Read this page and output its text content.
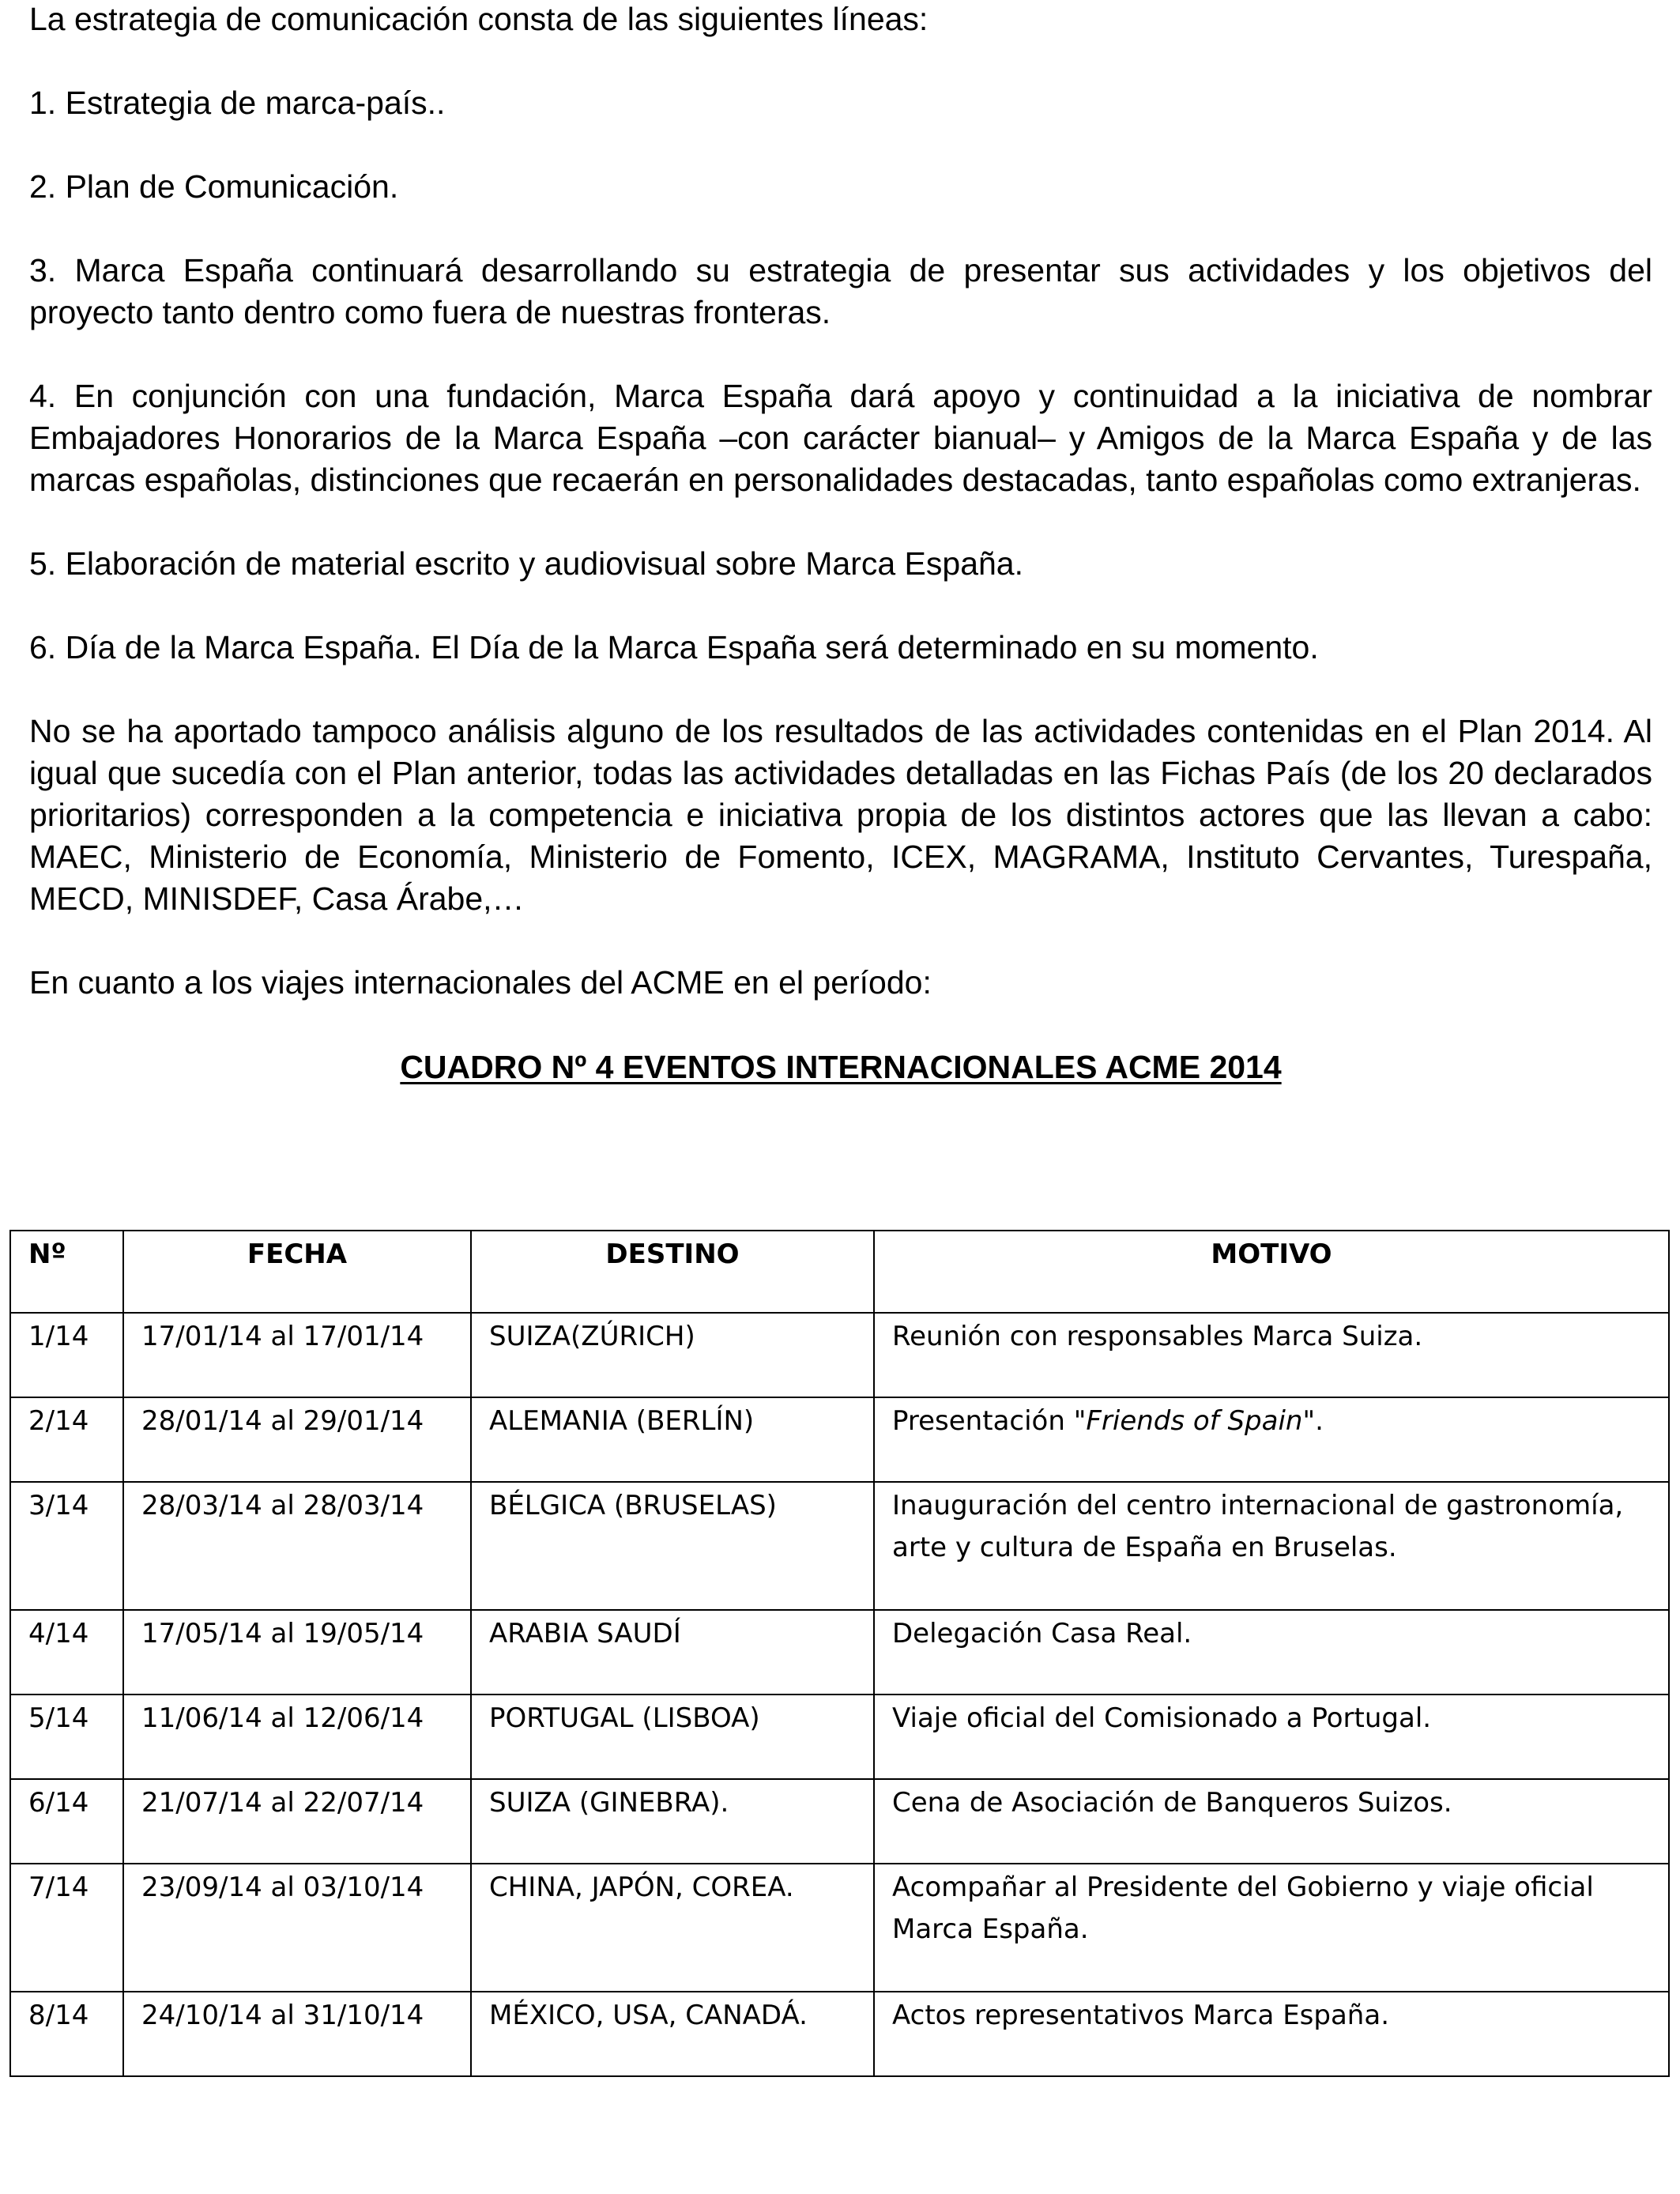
La estrategia de comunicación consta de las siguientes líneas:

1. Estrategia de marca-país..

2. Plan de Comunicación.

3. Marca España continuará desarrollando su estrategia de presentar sus actividades y los objetivos del proyecto tanto dentro como fuera de nuestras fronteras.

4. En conjunción con una fundación, Marca España dará apoyo y continuidad a la iniciativa de nombrar Embajadores Honorarios de la Marca España –con carácter bianual– y Amigos de la Marca España y de las marcas españolas, distinciones que recaerán en personalidades destacadas, tanto españolas como extranjeras.

5. Elaboración de material escrito y audiovisual sobre Marca España.

6. Día de la Marca España. El Día de la Marca España será determinado en su momento.

No se ha aportado tampoco análisis alguno de los resultados de las actividades contenidas en el Plan 2014. Al igual que sucedía con el Plan anterior, todas las actividades detalladas en las Fichas País (de los 20 declarados prioritarios) corresponden a la competencia e iniciativa propia de los distintos actores que las llevan a cabo: MAEC, Ministerio de Economía, Ministerio de Fomento, ICEX, MAGRAMA, Instituto Cervantes, Turespaña, MECD, MINISDEF, Casa Árabe,…

En cuanto a los viajes internacionales del ACME en el período:

CUADRO Nº 4 EVENTOS INTERNACIONALES ACME 2014
Nº	FECHA	DESTINO	MOTIVO
1/14	17/01/14 al 17/01/14	SUIZA(ZÚRICH)	Reunión con responsables Marca Suiza.
2/14	28/01/14 al 29/01/14	ALEMANIA (BERLÍN)	Presentación "Friends of Spain".
3/14	28/03/14 al 28/03/14	BÉLGICA (BRUSELAS)	Inauguración del centro internacional de gastronomía, arte y cultura de España en Bruselas.
4/14	17/05/14 al 19/05/14	ARABIA SAUDÍ	Delegación Casa Real.
5/14	11/06/14 al 12/06/14	PORTUGAL (LISBOA)	Viaje oficial del Comisionado a Portugal.
6/14	21/07/14 al 22/07/14	SUIZA (GINEBRA).	Cena de Asociación de Banqueros Suizos.
7/14	23/09/14 al 03/10/14	CHINA, JAPÓN, COREA.	Acompañar al Presidente del Gobierno y viaje oficial Marca España.
8/14	24/10/14 al 31/10/14	MÉXICO, USA, CANADÁ.	Actos representativos Marca España.
